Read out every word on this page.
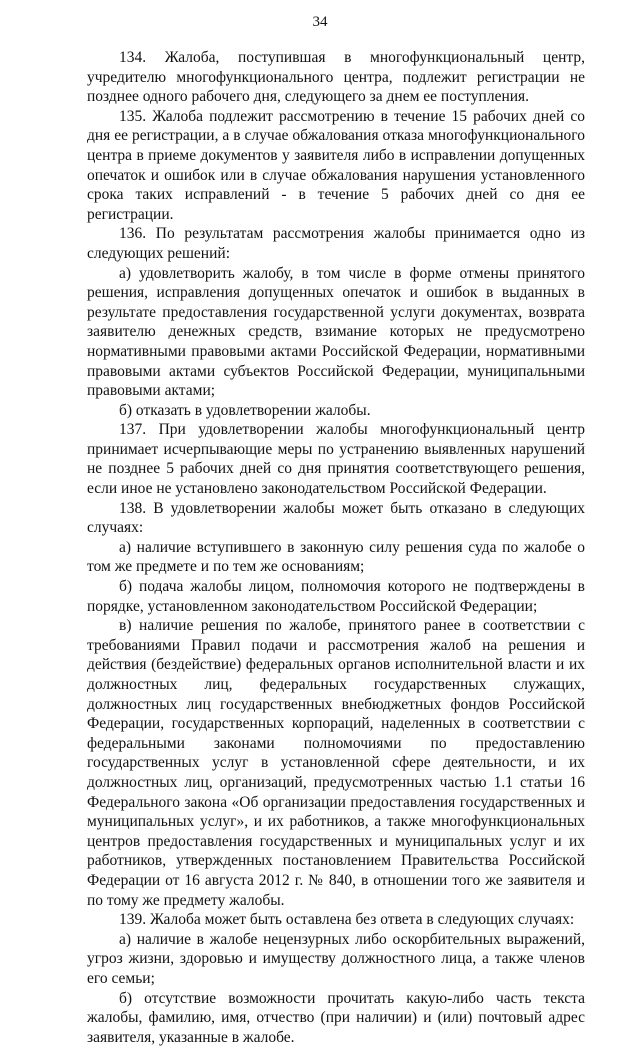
34

134. Жалоба, поступившая в многофункциональный центр, учредителю многофункционального центра, подлежит регистрации не позднее одного рабочего дня, следующего за днем ее поступления.

135. Жалоба подлежит рассмотрению в течение 15 рабочих дней со дня ее регистрации, а в случае обжалования отказа многофункционального центра в приеме документов у заявителя либо в исправлении допущенных опечаток и ошибок или в случае обжалования нарушения установленного срока таких исправлений - в течение 5 рабочих дней со дня ее регистрации.

136. По результатам рассмотрения жалобы принимается одно из следующих решений:

а) удовлетворить жалобу, в том числе в форме отмены принятого решения, исправления допущенных опечаток и ошибок в выданных в результате предоставления государственной услуги документах, возврата заявителю денежных средств, взимание которых не предусмотрено нормативными правовыми актами Российской Федерации, нормативными правовыми актами субъектов Российской Федерации, муниципальными правовыми актами;

б) отказать в удовлетворении жалобы.

137. При удовлетворении жалобы многофункциональный центр принимает исчерпывающие меры по устранению выявленных нарушений не позднее 5 рабочих дней со дня принятия соответствующего решения, если иное не установлено законодательством Российской Федерации.

138. В удовлетворении жалобы может быть отказано в следующих случаях:

а) наличие вступившего в законную силу решения суда по жалобе о том же предмете и по тем же основаниям;

б) подача жалобы лицом, полномочия которого не подтверждены в порядке, установленном законодательством Российской Федерации;

в) наличие решения по жалобе, принятого ранее в соответствии с требованиями Правил подачи и рассмотрения жалоб на решения и действия (бездействие) федеральных органов исполнительной власти и их должностных лиц, федеральных государственных служащих, должностных лиц государственных внебюджетных фондов Российской Федерации, государственных корпораций, наделенных в соответствии с федеральными законами полномочиями по предоставлению государственных услуг в установленной сфере деятельности, и их должностных лиц, организаций, предусмотренных частью 1.1 статьи 16 Федерального закона «Об организации предоставления государственных и муниципальных услуг», и их работников, а также многофункциональных центров предоставления государственных и муниципальных услуг и их работников, утвержденных постановлением Правительства Российской Федерации от 16 августа 2012 г. № 840, в отношении того же заявителя и по тому же предмету жалобы.

139. Жалоба может быть оставлена без ответа в следующих случаях:

а) наличие в жалобе нецензурных либо оскорбительных выражений, угроз жизни, здоровью и имуществу должностного лица, а также членов его семьи;

б) отсутствие возможности прочитать какую-либо часть текста жалобы, фамилию, имя, отчество (при наличии) и (или) почтовый адрес заявителя, указанные в жалобе.
